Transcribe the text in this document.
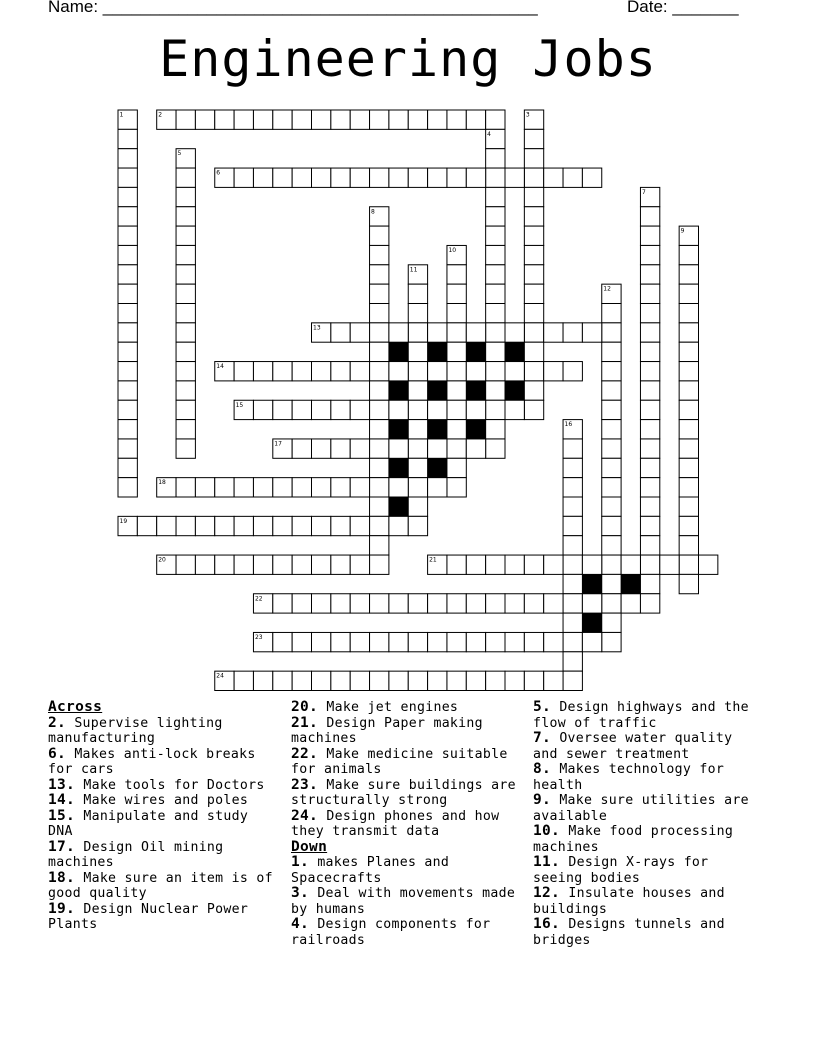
Name: ______________________________________________	Date: _______
Engineering Jobs
1	2	3
4
5
6
7
8
9
10
11
12
13
14
15
16
17
18
19
20	21
22
23
24
Across
2. Supervise lighting manufacturing
6. Makes anti-lock breaks for cars
13. Make tools for Doctors
14. Make wires and poles
15. Manipulate and study DNA
17. Design Oil mining machines
18. Make sure an item is of good quality
19. Design Nuclear Power Plants
20. Make jet engines
21. Design Paper making machines
22. Make medicine suitable for animals
23. Make sure buildings are structurally strong
24. Design phones and how they transmit data
Down
1. makes Planes and Spacecrafts
3. Deal with movements made by humans
4. Design components for railroads
5. Design highways and the flow of traffic
7. Oversee water quality and sewer treatment
8. Makes technology for health
9. Make sure utilities are available
10. Make food processing machines
11. Design X-rays for seeing bodies
12. Insulate houses and buildings
16. Designs tunnels and bridges
